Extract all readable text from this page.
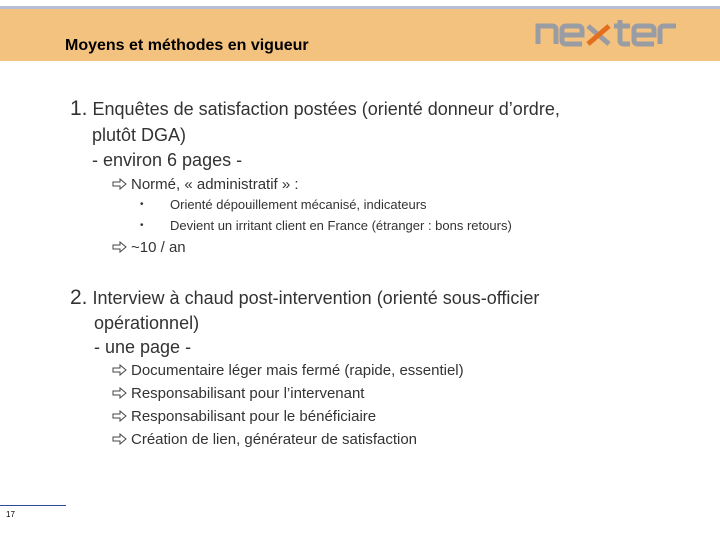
Moyens et méthodes en vigueur
1. Enquêtes de satisfaction postées (orienté donneur d’ordre,
plutôt DGA)
- environ 6 pages -
Normé, « administratif » :
• Orienté dépouillement mécanisé, indicateurs
• Devient un irritant client en France (étranger : bons retours)
~10 / an
2. Interview à chaud post-intervention (orienté sous-officier
opérationnel)
- une page -
Documentaire léger mais fermé (rapide, essentiel)
Responsabilisant pour l’intervenant
Responsabilisant pour le bénéficiaire
Création de lien, générateur de satisfaction
17
